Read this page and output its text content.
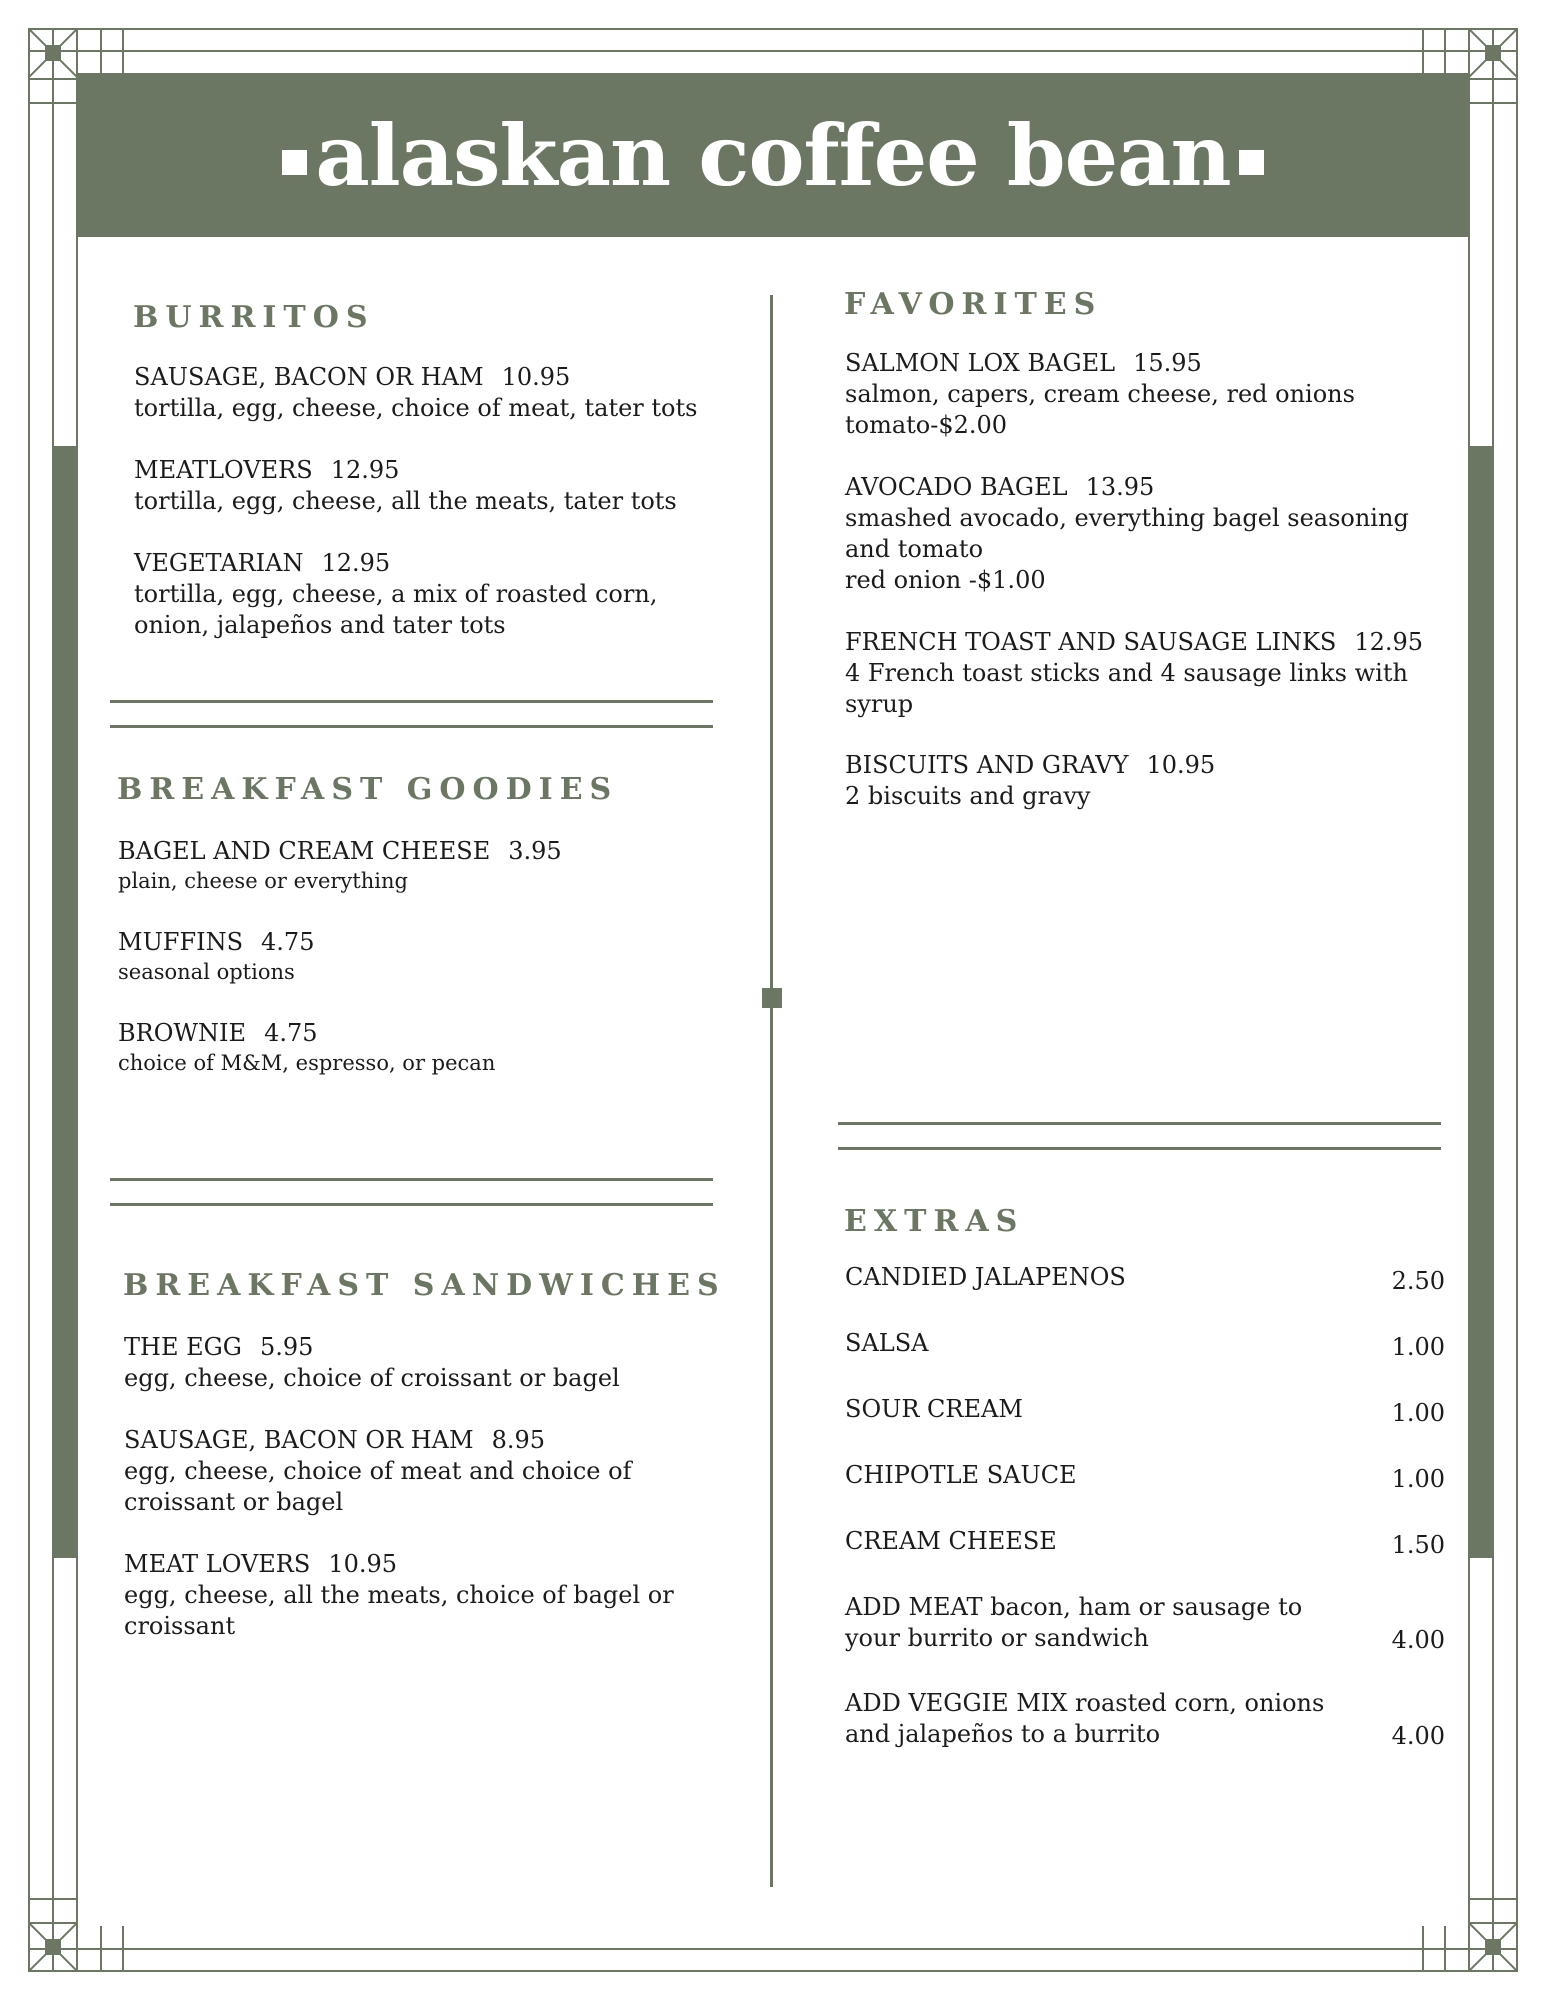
alaskan coffee bean
BURRITOS
SAUSAGE, BACON OR HAM 10.95
tortilla, egg, cheese, choice of meat, tater tots
MEATLOVERS 12.95
tortilla, egg, cheese, all the meats, tater tots
VEGETARIAN 12.95
tortilla, egg, cheese, a mix of roasted corn, onion, jalapeños and tater tots
BREAKFAST GOODIES
BAGEL AND CREAM CHEESE 3.95
plain, cheese or everything
MUFFINS 4.75
seasonal options
BROWNIE 4.75
choice of M&M, espresso, or pecan
BREAKFAST SANDWICHES
THE EGG 5.95
egg, cheese, choice of croissant or bagel
SAUSAGE, BACON OR HAM 8.95
egg, cheese, choice of meat and choice of croissant or bagel
MEAT LOVERS 10.95
egg, cheese, all the meats, choice of bagel or croissant
FAVORITES
SALMON LOX BAGEL 15.95
salmon, capers, cream cheese, red onions
tomato-$2.00
AVOCADO BAGEL 13.95
smashed avocado, everything bagel seasoning and tomato
red onion -$1.00
FRENCH TOAST AND SAUSAGE LINKS 12.95
4 French toast sticks and 4 sausage links with syrup
BISCUITS AND GRAVY 10.95
2 biscuits and gravy
EXTRAS
CANDIED JALAPENOS	2.50
SALSA	1.00
SOUR CREAM	1.00
CHIPOTLE SAUCE	1.00
CREAM CHEESE	1.50
ADD MEAT bacon, ham or sausage to your burrito or sandwich	4.00
ADD VEGGIE MIX roasted corn, onions and jalapeños to a burrito	4.00
